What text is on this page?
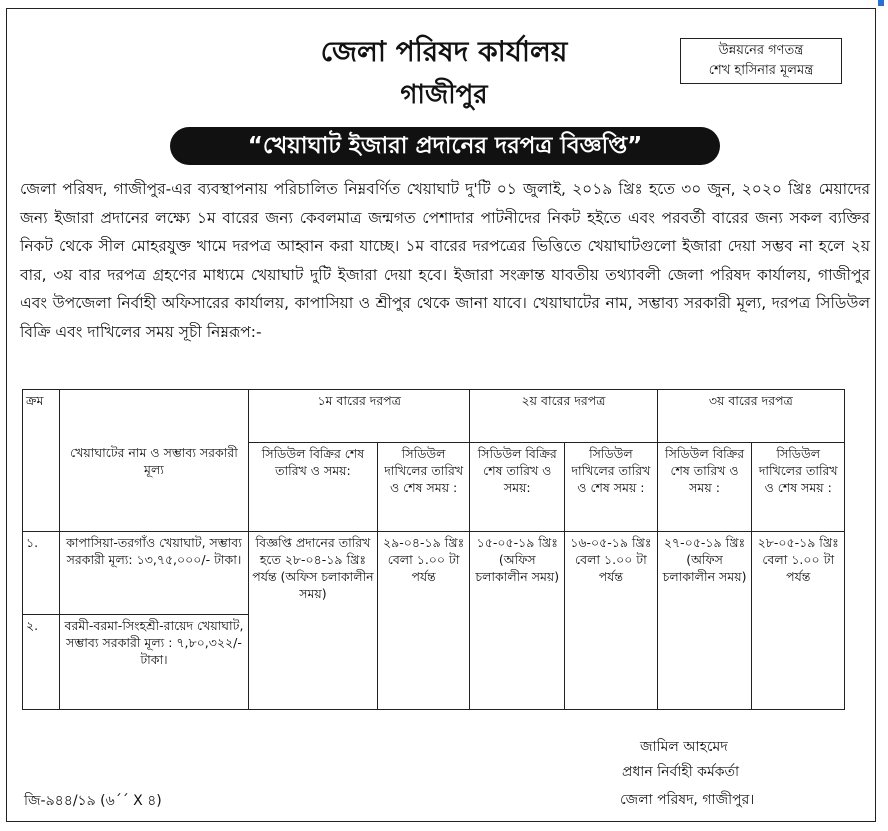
জেলা পরিষদ কার্যালয়
গাজীপুর
উন্নয়নের গণতন্ত্র
শেখ হাসিনার মূলমন্ত্র
“খেয়াঘাট ইজারা প্রদানের দরপত্র বিজ্ঞপ্তি”
জেলা পরিষদ, গাজীপুর-এর ব্যবস্থাপনায় পরিচালিত নিম্নবর্ণিত খেয়াঘাট দু'টি ০১ জুলাই, ২০১৯ খ্রিঃ হতে ৩০ জুন, ২০২০ খ্রিঃ মেয়াদের জন্য ইজারা প্রদানের লক্ষ্যে ১ম বারের জন্য কেবলমাত্র জন্মগত পেশাদার পাটনীদের নিকট হইতে এবং পরবর্তী বারের জন্য সকল ব্যক্তির নিকট থেকে সীল মোহরযুক্ত খামে দরপত্র আহ্বান করা যাচ্ছে। ১ম বারের দরপত্রের ভিত্তিতে খেয়াঘাটগুলো ইজারা দেয়া সম্ভব না হলে ২য় বার, ৩য় বার দরপত্র গ্রহণের মাধ্যমে খেয়াঘাট দুটি ইজারা দেয়া হবে। ইজারা সংক্রান্ত যাবতীয় তথ্যাবলী জেলা পরিষদ কার্যালয়, গাজীপুর এবং উপজেলা নির্বাহী অফিসারের কার্যালয়, কাপাসিয়া ও শ্রীপুর থেকে জানা যাবে। খেয়াঘাটের নাম, সম্ভাব্য সরকারী মূল্য, দরপত্র সিডিউল বিক্রি এবং দাখিলের সময় সূচী নিম্নরূপ:-
ক্রম	খেয়াঘাটের নাম ও সম্ভাব্য সরকারী মূল্য	১ম বারের দরপত্র		২য় বারের দরপত্র		৩য় বারের দরপত্র	
		সিডিউল বিক্রির শেষ তারিখ ও সময়:	সিডিউল দাখিলের তারিখ ও শেষ সময় :	সিডিউল বিক্রির শেষ তারিখ ও সময়:	সিডিউল দাখিলের তারিখ ও শেষ সময় :	সিডিউল বিক্রির শেষ তারিখ ও সময় :	সিডিউল দাখিলের তারিখ ও শেষ সময় :
১.	কাপাসিয়া-তরগাঁও খেয়াঘাট, সম্ভাব্য সরকারী মূল্য: ১৩,৭৫,০০০/- টাকা।	বিজ্ঞপ্তি প্রদানের তারিখ হতে ২৮-০৪-১৯ খ্রিঃ পর্যন্ত (অফিস চলাকালীন সময়)	২৯-০৪-১৯ খ্রিঃ বেলা ১.০০ টা পর্যন্ত	১৫-০৫-১৯ খ্রিঃ (অফিস চলাকালীন সময়)	১৬-০৫-১৯ খ্রিঃ বেলা ১.০০ টা পর্যন্ত	২৭-০৫-১৯ খ্রিঃ (অফিস চলাকালীন সময়)	২৮-০৫-১৯ খ্রিঃ বেলা ১.০০ টা পর্যন্ত
২.	বরমী-বরমা-সিংহশ্রী-রায়েদ খেয়াঘাট, সম্ভাব্য সরকারী মূল্য : ৭,৮০,৩২২/-টাকা।						
জামিল আহমেদ
প্রধান নির্বাহী কর্মকর্তা
জেলা পরিষদ, গাজীপুর।
জি-৯৪৪/১৯ (৬ˊˊ X ৪)
